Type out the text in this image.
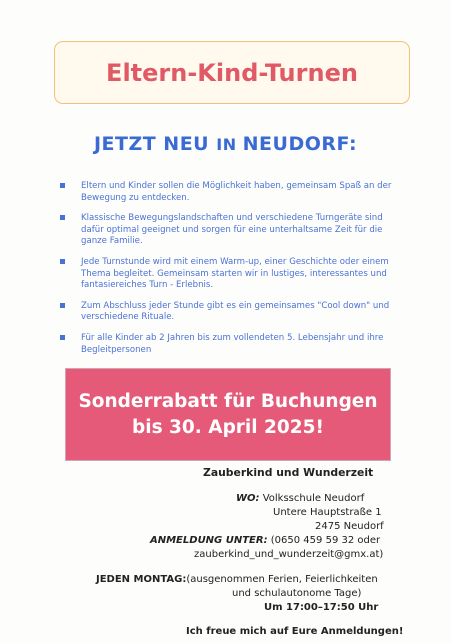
Eltern-Kind-Turnen
JETZT NEU IN NEUDORF:
Eltern und Kinder sollen die Möglichkeit haben, gemeinsam Spaß an der Bewegung zu entdecken.
Klassische Bewegungslandschaften und verschiedene Turngeräte sind dafür optimal geeignet und sorgen für eine unterhaltsame Zeit für die ganze Familie.
Jede Turnstunde wird mit einem Warm-up, einer Geschichte oder einem Thema begleitet. Gemeinsam starten wir in lustiges, interessantes und fantasiereiches Turn - Erlebnis.
Zum Abschluss jeder Stunde gibt es ein gemeinsames "Cool down" und verschiedene Rituale.
Für alle Kinder ab 2 Jahren bis zum vollendeten 5. Lebensjahr und ihre Begleitpersonen
Sonderrabatt für Buchungen
bis 30. April 2025!
Zauberkind und Wunderzeit
WO: Volksschule Neudorf
Untere Hauptstraße 1
2475 Neudorf
ANMELDUNG UNTER: (0650 459 59 32 oder
zauberkind_und_wunderzeit@gmx.at)
JEDEN MONTAG:(ausgenommen Ferien, Feierlichkeiten
und schulautonome Tage)
Um 17:00–17:50 Uhr
Ich freue mich auf Eure Anmeldungen!
